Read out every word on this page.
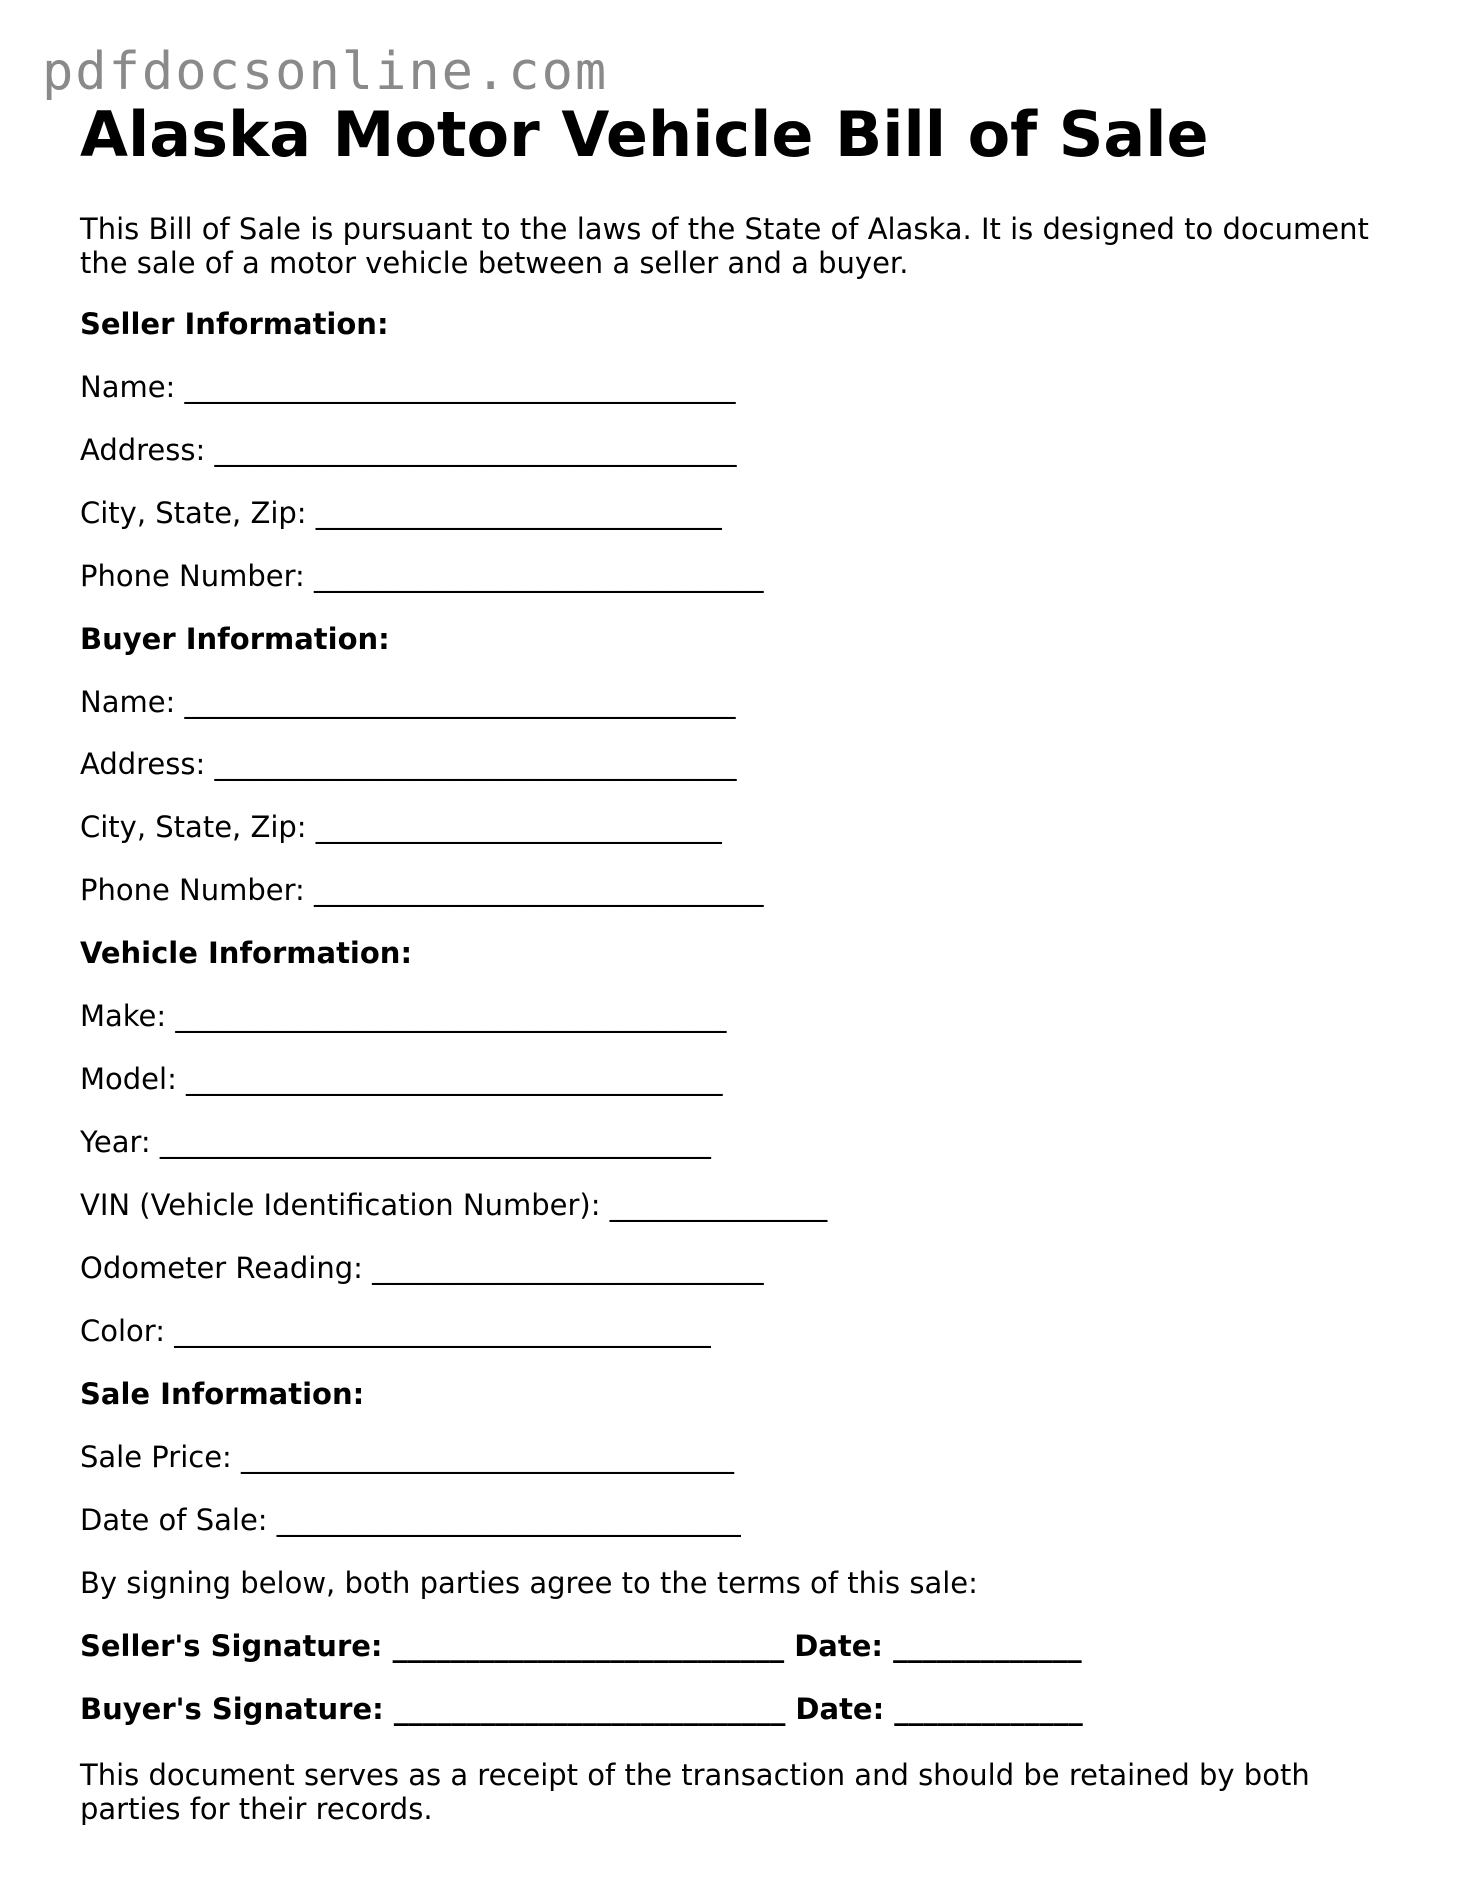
pdfdocsonline.com
Alaska Motor Vehicle Bill of Sale
This Bill of Sale is pursuant to the laws of the State of Alaska. It is designed to document the sale of a motor vehicle between a seller and a buyer.
Seller Information:
Name: ______________________________________
Address: ____________________________________
City, State, Zip: ____________________________
Phone Number: _______________________________
Buyer Information:
Name: ______________________________________
Address: ____________________________________
City, State, Zip: ____________________________
Phone Number: _______________________________
Vehicle Information:
Make: ______________________________________
Model: _____________________________________
Year: ______________________________________
VIN (Vehicle Identification Number): _______________
Odometer Reading: ___________________________
Color: _____________________________________
Sale Information:
Sale Price: __________________________________
Date of Sale: ________________________________
By signing below, both parties agree to the terms of this sale:
Seller's Signature: ___________________________ Date: _____________
Buyer's Signature: ___________________________ Date: _____________
This document serves as a receipt of the transaction and should be retained by both parties for their records.
